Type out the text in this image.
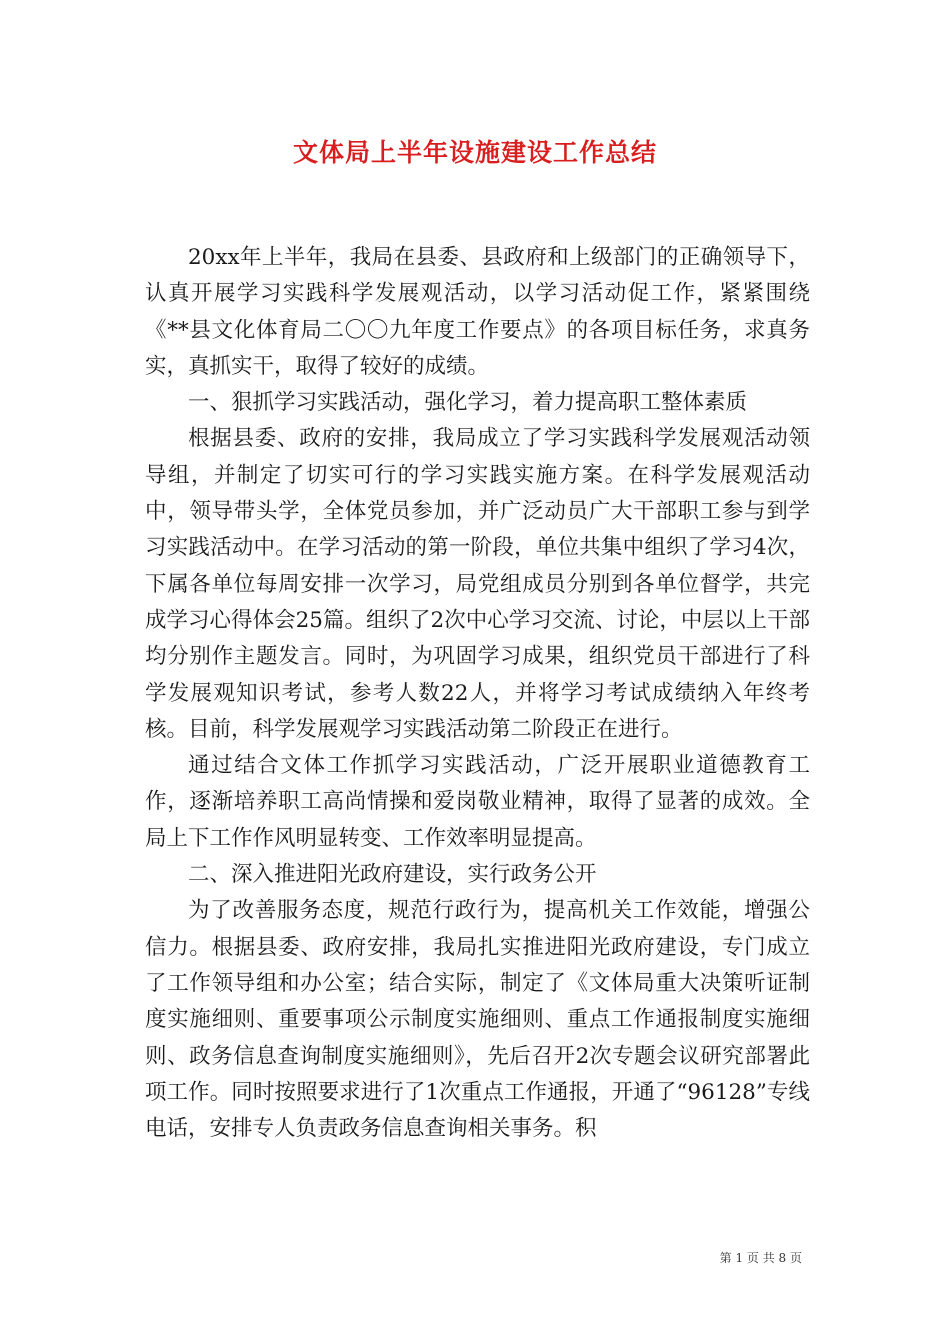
文体局上半年设施建设工作总结

20xx年上半年，我局在县委、县政府和上级部门的正确领导下，认真开展学习实践科学发展观活动，以学习活动促工作，紧紧围绕《**县文化体育局二〇〇九年度工作要点》的各项目标任务，求真务实，真抓实干，取得了较好的成绩。

一、狠抓学习实践活动，强化学习，着力提高职工整体素质

根据县委、政府的安排，我局成立了学习实践科学发展观活动领导组，并制定了切实可行的学习实践实施方案。在科学发展观活动中，领导带头学，全体党员参加，并广泛动员广大干部职工参与到学习实践活动中。在学习活动的第一阶段，单位共集中组织了学习4次，下属各单位每周安排一次学习，局党组成员分别到各单位督学，共完成学习心得体会25篇。组织了2次中心学习交流、讨论，中层以上干部均分别作主题发言。同时，为巩固学习成果，组织党员干部进行了科学发展观知识考试，参考人数22人，并将学习考试成绩纳入年终考核。目前，科学发展观学习实践活动第二阶段正在进行。

通过结合文体工作抓学习实践活动，广泛开展职业道德教育工作，逐渐培养职工高尚情操和爱岗敬业精神，取得了显著的成效。全局上下工作作风明显转变、工作效率明显提高。

二、深入推进阳光政府建设，实行政务公开

为了改善服务态度，规范行政行为，提高机关工作效能，增强公信力。根据县委、政府安排，我局扎实推进阳光政府建设，专门成立了工作领导组和办公室；结合实际，制定了《文体局重大决策听证制度实施细则、重要事项公示制度实施细则、重点工作通报制度实施细则、政务信息查询制度实施细则》，先后召开2次专题会议研究部署此项工作。同时按照要求进行了1次重点工作通报，开通了“96128”专线电话，安排专人负责政务信息查询相关事务。积

第 1 页 共 8 页
